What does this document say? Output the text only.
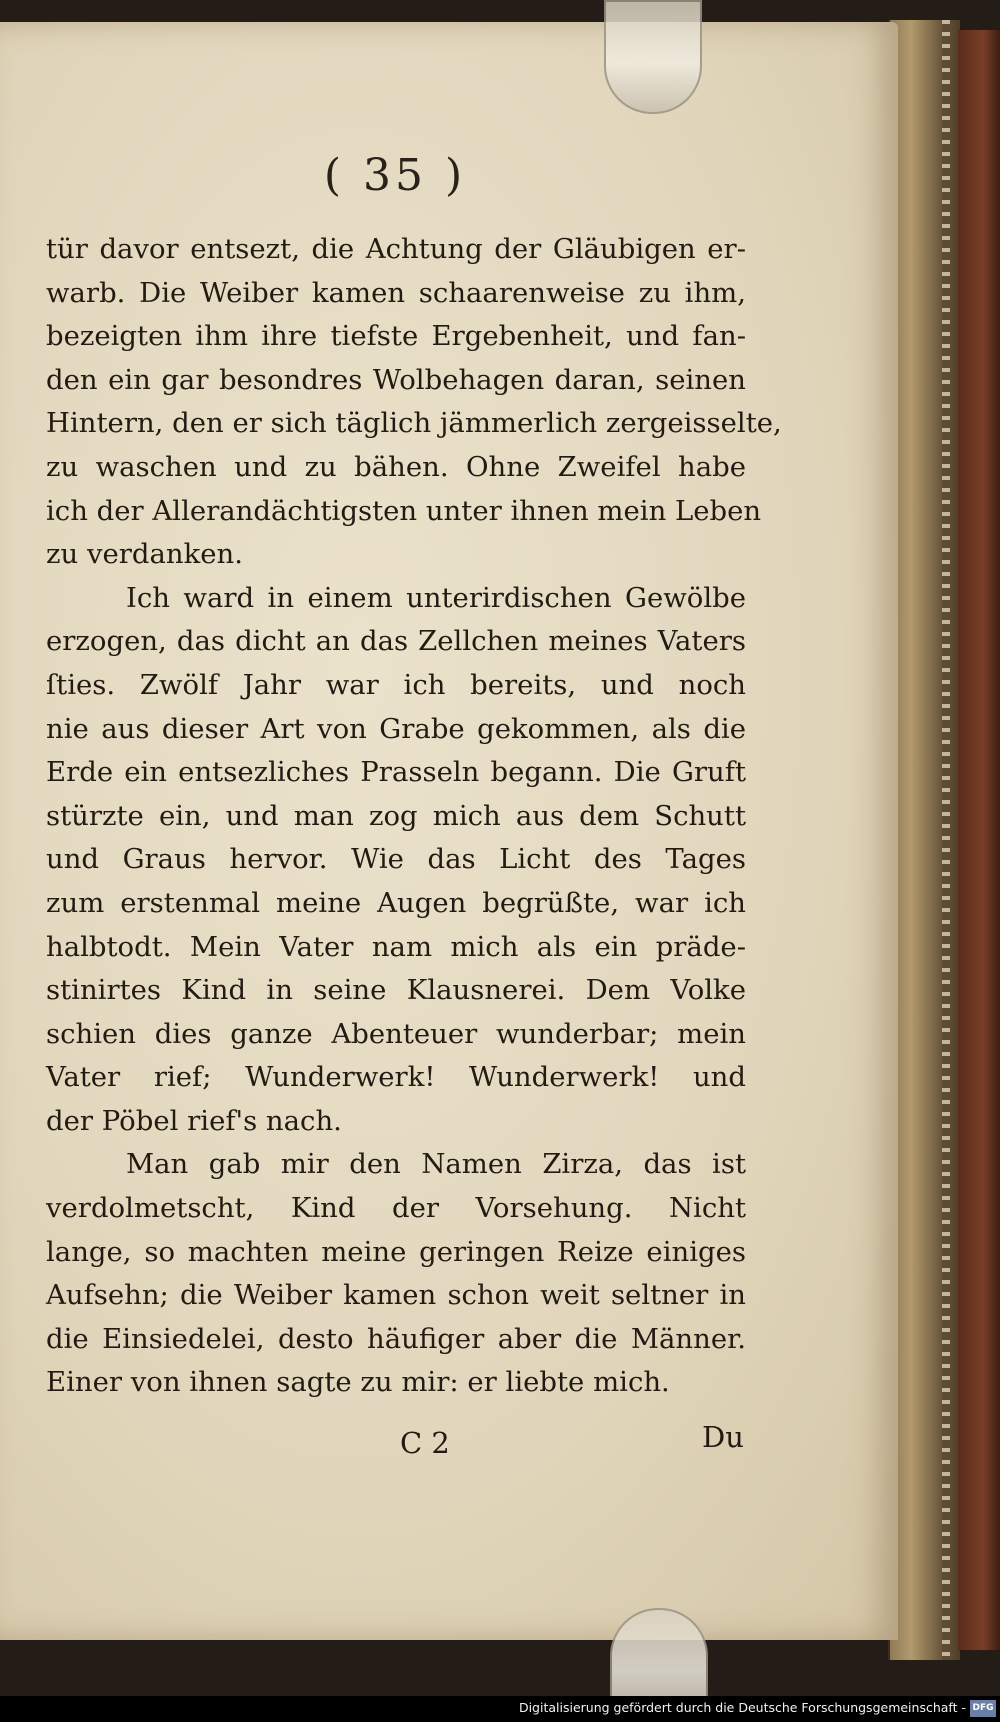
( 35 )
tür davor entsezt, die Achtung der Gläubigen er-
warb. Die Weiber kamen schaarenweise zu ihm,
bezeigten ihm ihre tiefste Ergebenheit, und fan-
den ein gar besondres Wolbehagen daran, seinen
Hintern, den er sich täglich jämmerlich zergeisselte,
zu waschen und zu bähen. Ohne Zweifel habe
ich der Allerandächtigsten unter ihnen mein Leben
zu verdanken.
Ich ward in einem unterirdischen Gewölbe
erzogen, das dicht an das Zellchen meines Vaters
ſties. Zwölf Jahr war ich bereits, und noch
nie aus dieser Art von Grabe gekommen, als die
Erde ein entsezliches Prasseln begann. Die Gruft
stürzte ein, und man zog mich aus dem Schutt
und Graus hervor. Wie das Licht des Tages
zum erstenmal meine Augen begrüßte, war ich
halbtodt. Mein Vater nam mich als ein präde-
stinirtes Kind in seine Klausnerei. Dem Volke
schien dies ganze Abenteuer wunderbar; mein
Vater rief; Wunderwerk! Wunderwerk! und
der Pöbel rief's nach.
Man gab mir den Namen Zirza, das ist
verdolmetscht, Kind der Vorsehung. Nicht
lange, so machten meine geringen Reize einiges
Aufsehn; die Weiber kamen schon weit seltner in
die Einsiedelei, desto häufiger aber die Männer.
Einer von ihnen sagte zu mir: er liebte mich.
C 2	Du
Digitalisierung gefördert durch die Deutsche Forschungsgemeinschaft - DFG
